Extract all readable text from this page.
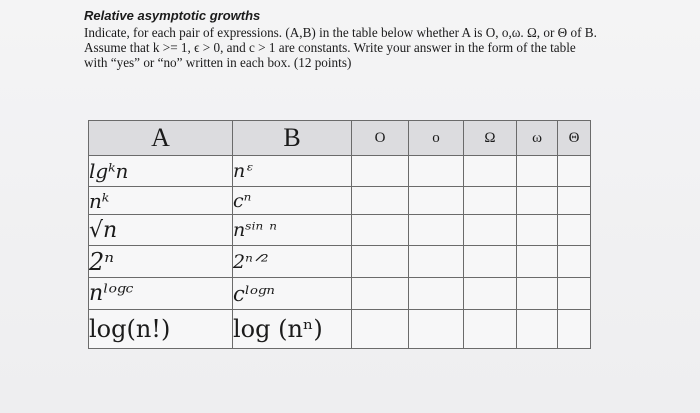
Relative asymptotic growths
Indicate, for each pair of expressions. (A,B) in the table below whether A is O, o,ω. Ω, or Θ of B.
Assume that k >= 1, ϵ > 0, and c > 1 are constants. Write your answer in the form of the table
with “yes” or “no” written in each box. (12 points)
A	B	O	o	Ω	ω	Θ
lgᵏn	nᵋ					
nᵏ	cⁿ					
√n	nˢⁱⁿ ⁿ					
2ⁿ	2ⁿᐟ²					
nˡᵒᵍᶜ	cˡᵒᵍⁿ					
log(n!)	log (nⁿ)					
